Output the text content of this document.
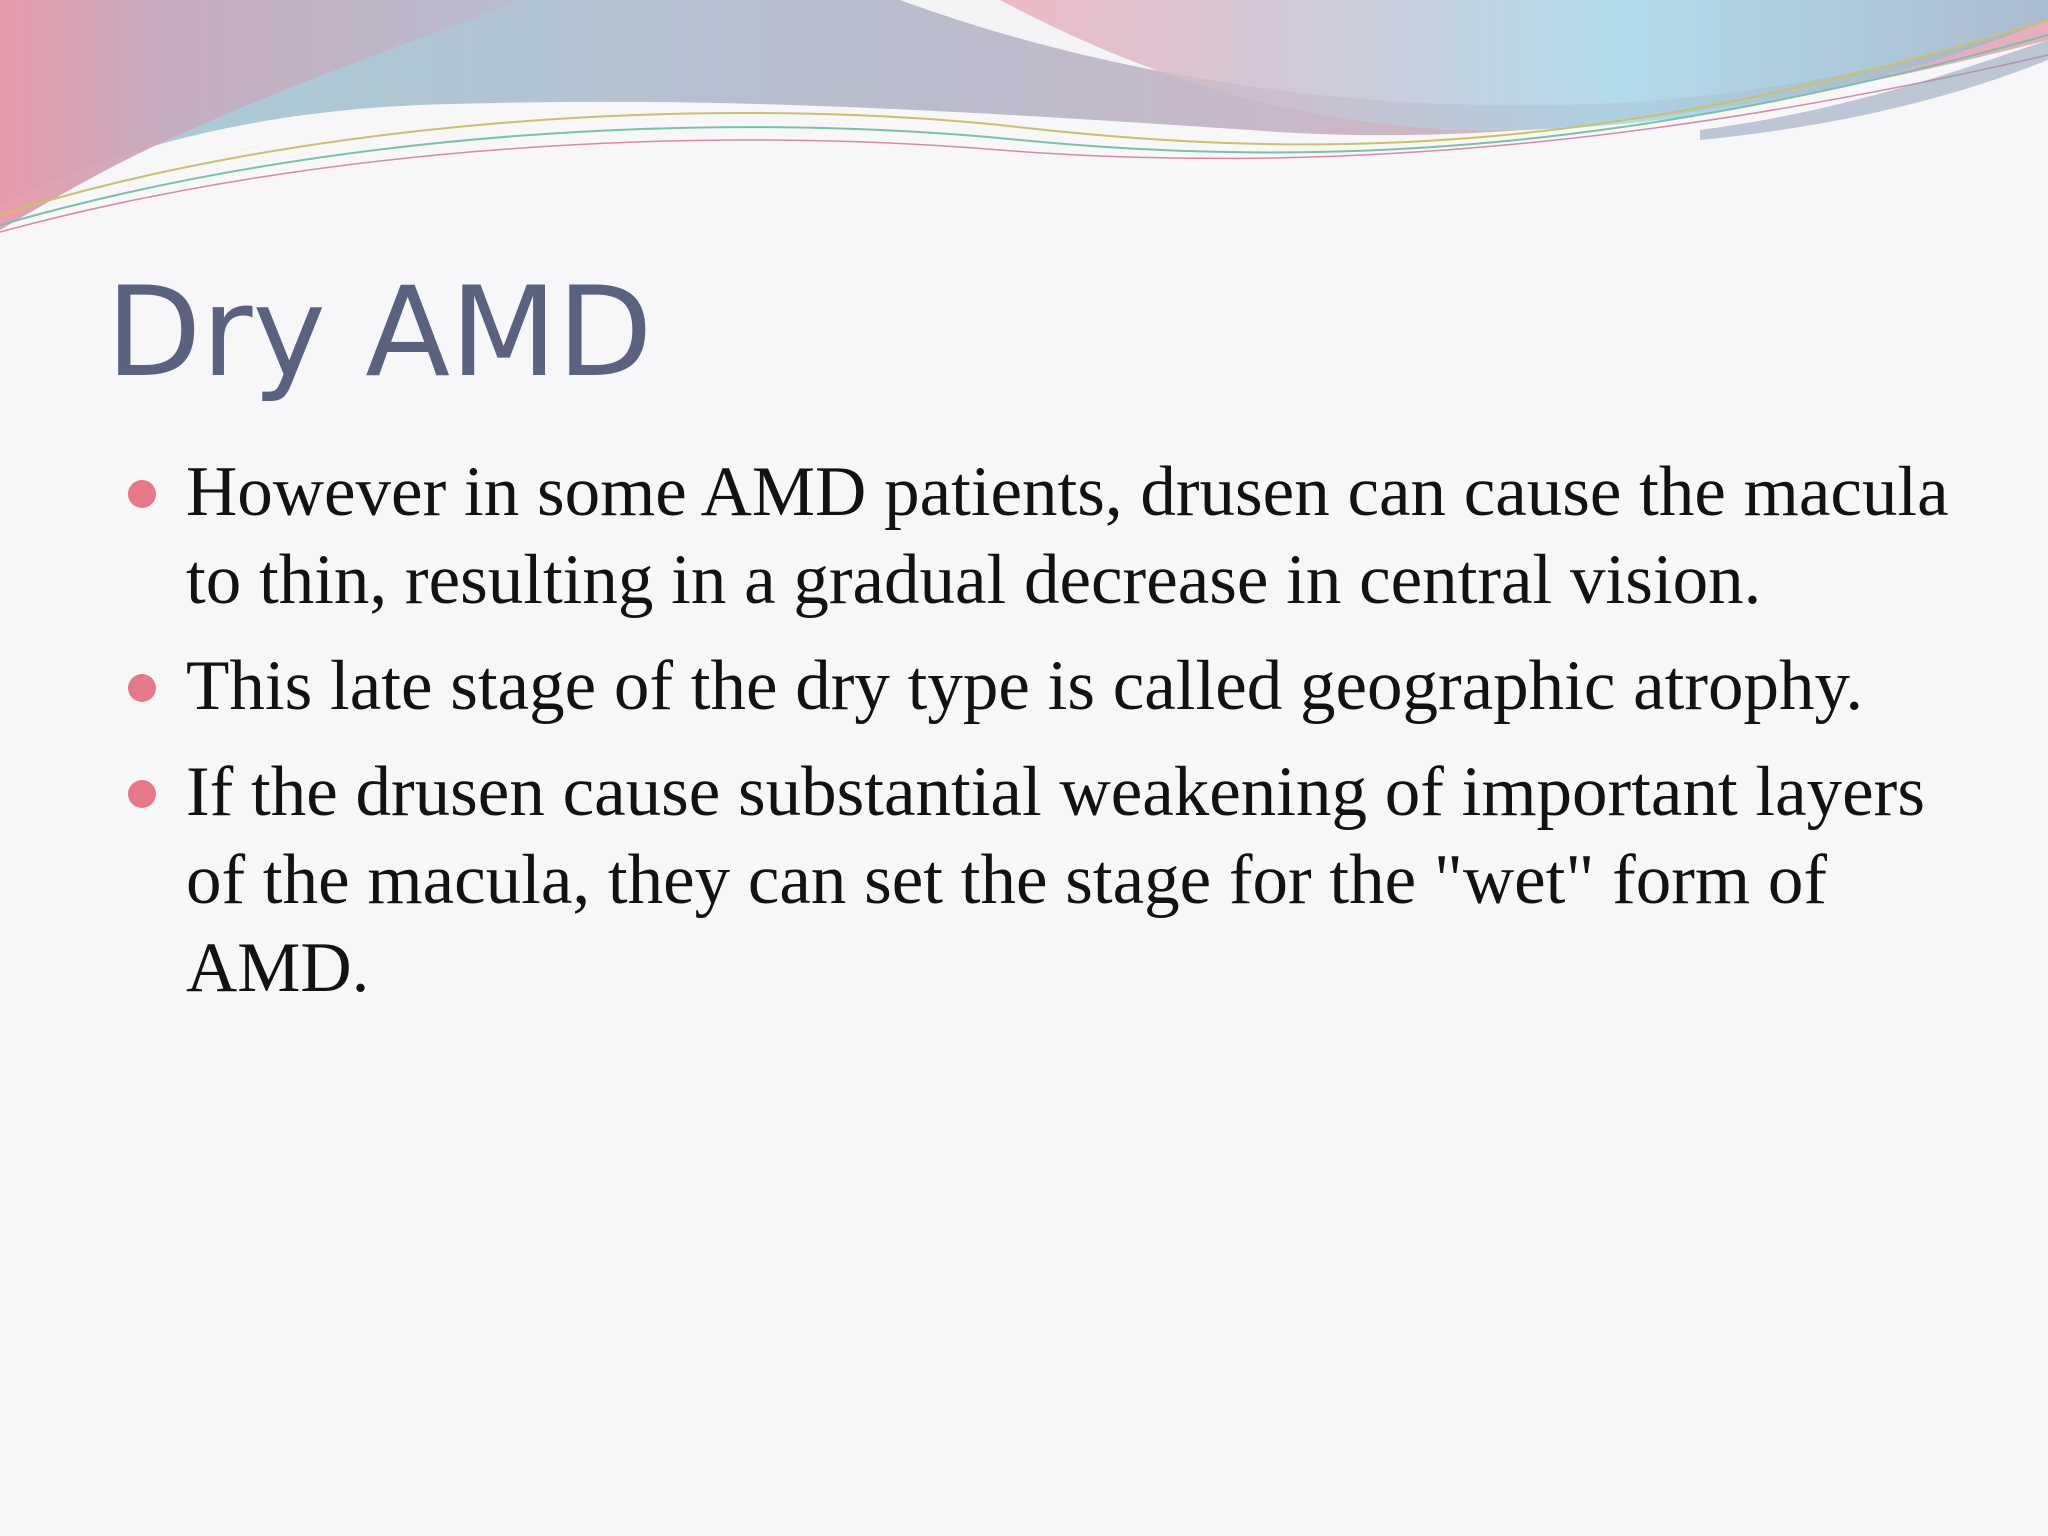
Dry AMD
However in some AMD patients, drusen can cause the macula to thin, resulting in a gradual decrease in central vision.
This late stage of the dry type is called geographic atrophy.
If the drusen cause substantial weakening of important layers of the macula, they can set the stage for the "wet" form of AMD.
